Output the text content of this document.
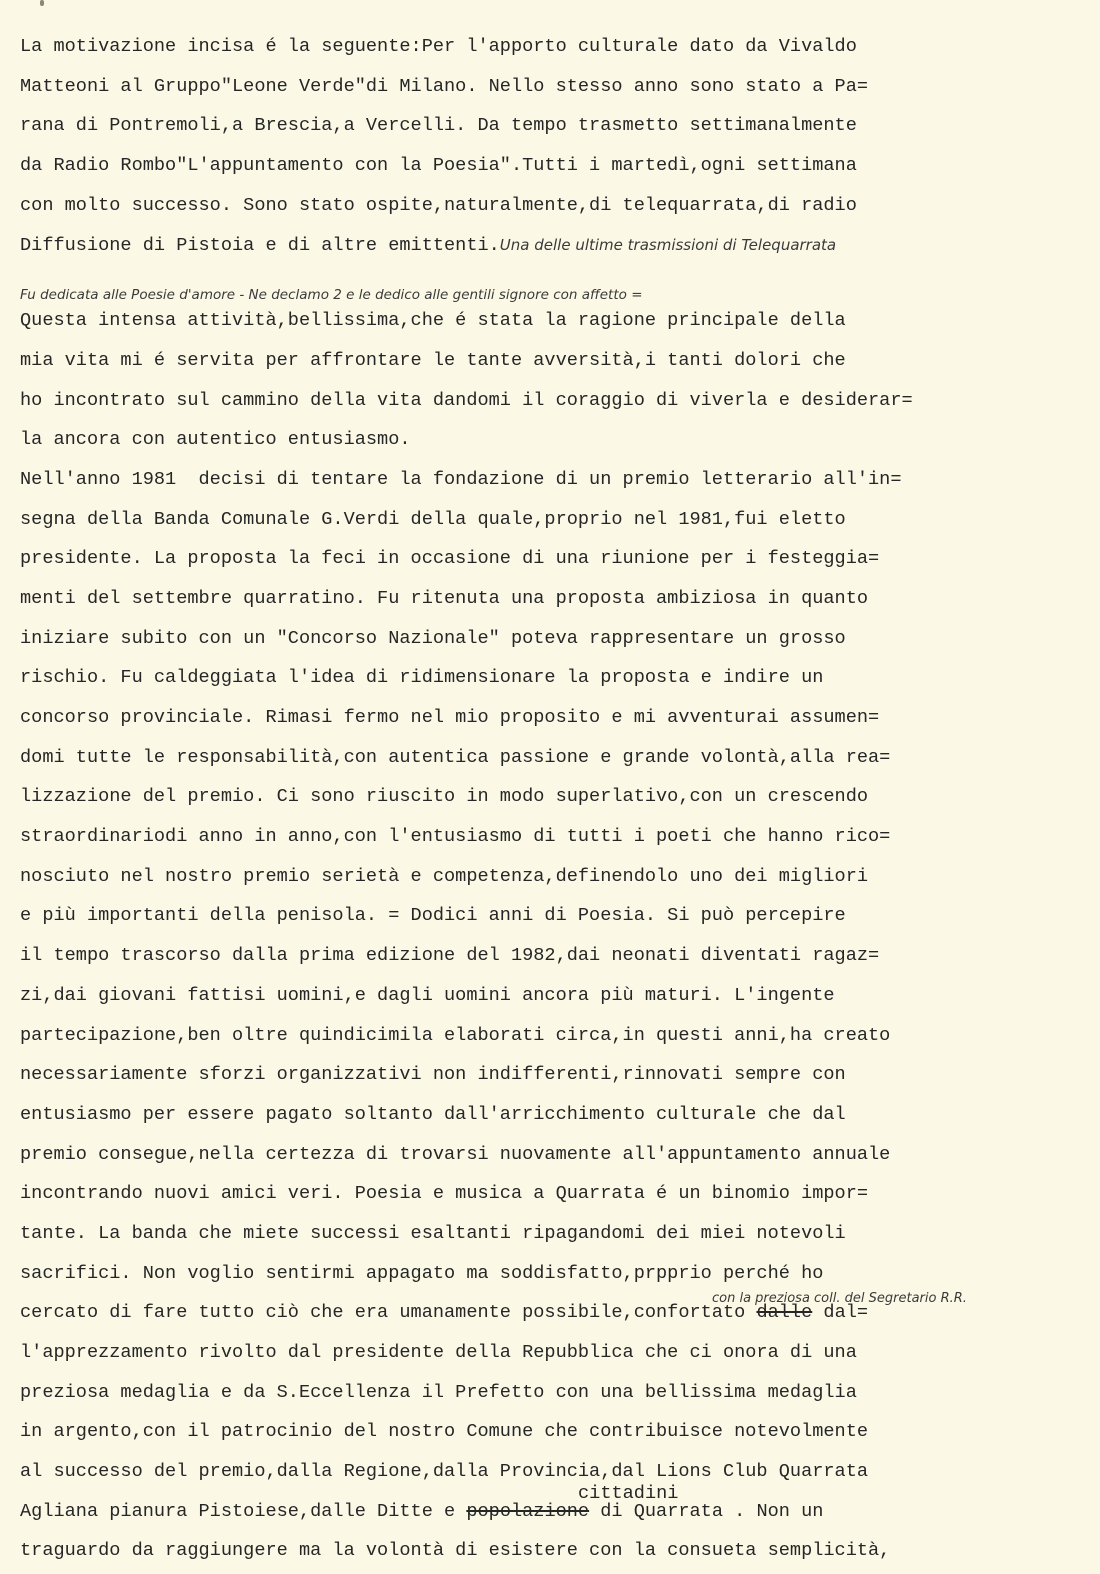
La motivazione incisa é la seguente:Per l'apporto culturale dato da Vivaldo
Matteoni al Gruppo"Leone Verde"di Milano. Nello stesso anno sono stato a Pa=
rana di Pontremoli,a Brescia,a Vercelli. Da tempo trasmetto settimanalmente
da Radio Rombo"L'appuntamento con la Poesia".Tutti i martedì,ogni settimana
con molto successo. Sono stato ospite,naturalmente,di telequarrata,di radio
Diffusione di Pistoia e di altre emittenti.Una delle ultime trasmissioni di Telequarrata

Fu dedicata alle Poesie d'amore - Ne declamo 2 e le dedico alle gentili signore con affetto =

Questa intensa attività,bellissima,che é stata la ragione principale della
mia vita mi é servita per affrontare le tante avversità,i tanti dolori che
ho incontrato sul cammino della vita dandomi il coraggio di viverla e desiderar=
la ancora con autentico entusiasmo.
Nell'anno 1981  decisi di tentare la fondazione di un premio letterario all'in=
segna della Banda Comunale G.Verdi della quale,proprio nel 1981,fui eletto
presidente. La proposta la feci in occasione di una riunione per i festeggia=
menti del settembre quarratino. Fu ritenuta una proposta ambiziosa in quanto
iniziare subito con un "Concorso Nazionale" poteva rappresentare un grosso
rischio. Fu caldeggiata l'idea di ridimensionare la proposta e indire un
concorso provinciale. Rimasi fermo nel mio proposito e mi avventurai assumen=
domi tutte le responsabilità,con autentica passione e grande volontà,alla rea=
lizzazione del premio. Ci sono riuscito in modo superlativo,con un crescendo
straordinariodi anno in anno,con l'entusiasmo di tutti i poeti che hanno rico=
nosciuto nel nostro premio serietà e competenza,definendolo uno dei migliori
e più importanti della penisola. = Dodici anni di Poesia. Si può percepire
il tempo trascorso dalla prima edizione del 1982,dai neonati diventati ragaz=
zi,dai giovani fattisi uomini,e dagli uomini ancora più maturi. L'ingente
partecipazione,ben oltre quindicimila elaborati circa,in questi anni,ha creato
necessariamente sforzi organizzativi non indifferenti,rinnovati sempre con
entusiasmo per essere pagato soltanto dall'arricchimento culturale che dal
premio consegue,nella certezza di trovarsi nuovamente all'appuntamento annuale
incontrando nuovi amici veri. Poesia e musica a Quarrata é un binomio impor=
tante. La banda che miete successi esaltanti ripagandomi dei miei notevoli
sacrifici. Non voglio sentirmi appagato ma soddisfatto,prpprio perché ho
con la preziosa coll. del Segretario R.R.
cercato di fare tutto ciò che era umanamente possibile,confortato dalle dal=
l'apprezzamento rivolto dal presidente della Repubblica che ci onora di una
preziosa medaglia e da S.Eccellenza il Prefetto con una bellissima medaglia
in argento,con il patrocinio del nostro Comune che contribuisce notevolmente
al successo del premio,dalla Regione,dalla Provincia,dal Lions Club Quarrata
cittadini
Agliana pianura Pistoiese,dalle Ditte e popolazione di Quarrata . Non un
traguardo da raggiungere ma la volontà di esistere con la consueta semplicità,
